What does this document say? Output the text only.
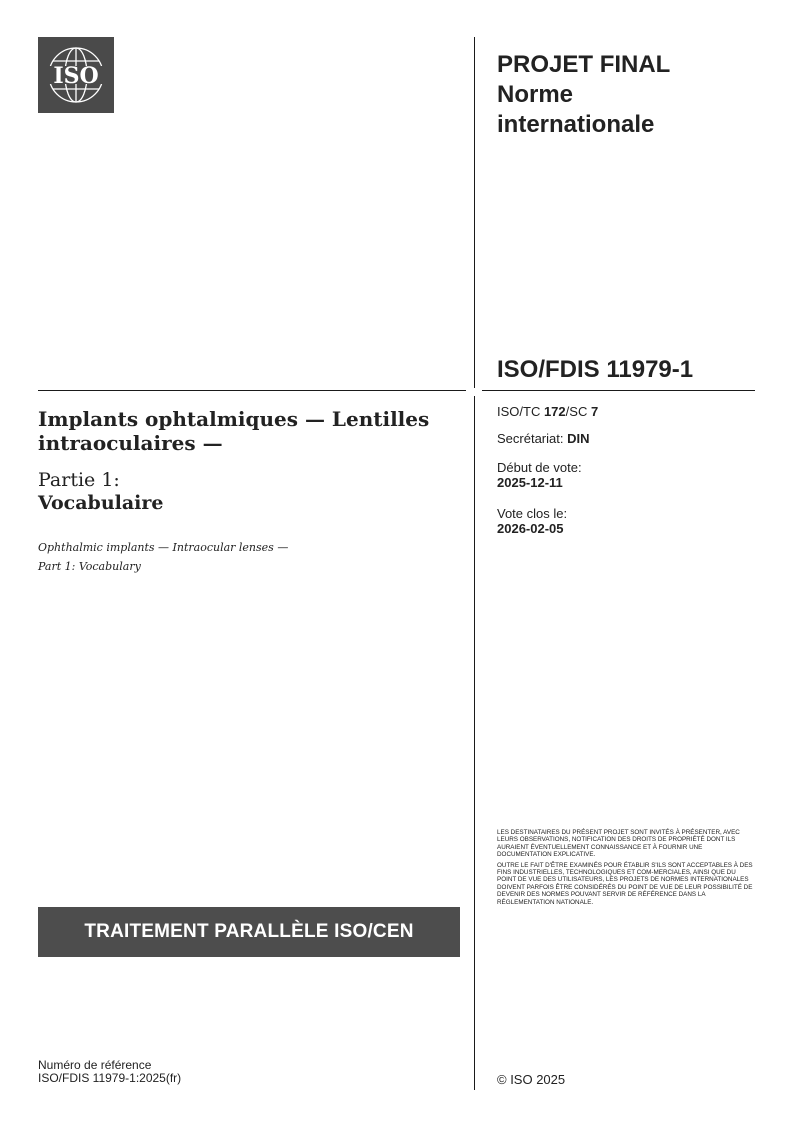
ISO	PROJET FINAL
Norme
internationale
ISO/FDIS 11979-1
ISO/TC 172/SC 7
Secrétariat: DIN
Début de vote:
2025-12-11
Vote clos le:
2026-02-05
Implants ophtalmiques — Lentilles intraoculaires —
Partie 1:
Vocabulaire
Ophthalmic implants — Intraocular lenses —
Part 1: Vocabulary
TRAITEMENT PARALLÈLE ISO/CEN

LES DESTINATAIRES DU PRÉSENT PROJET SONT INVITÉS À PRÉSENTER, AVEC LEURS OBSERVATIONS, NOTIFICATION DES DROITS DE PROPRIÉTÉ DONT ILS AURAIENT ÉVENTUELLEMENT CONNAISSANCE ET À FOURNIR UNE DOCUMENTATION EXPLICATIVE.

OUTRE LE FAIT D'ÊTRE EXAMINÉS POUR ÉTABLIR S'ILS SONT ACCEPTABLES À DES FINS INDUSTRIELLES, TECHNOLOGIQUES ET COM-MERCIALES, AINSI QUE DU POINT DE VUE DES UTILISATEURS, LES PROJETS DE NORMES INTERNATIONALES DOIVENT PARFOIS ÊTRE CONSIDÉRÉS DU POINT DE VUE DE LEUR POSSIBILITÉ DE DEVENIR DES NORMES POUVANT SERVIR DE RÉFÉRENCE DANS LA RÉGLEMENTATION NATIONALE.

Numéro de référence
ISO/FDIS 11979-1:2025(fr)	© ISO 2025
